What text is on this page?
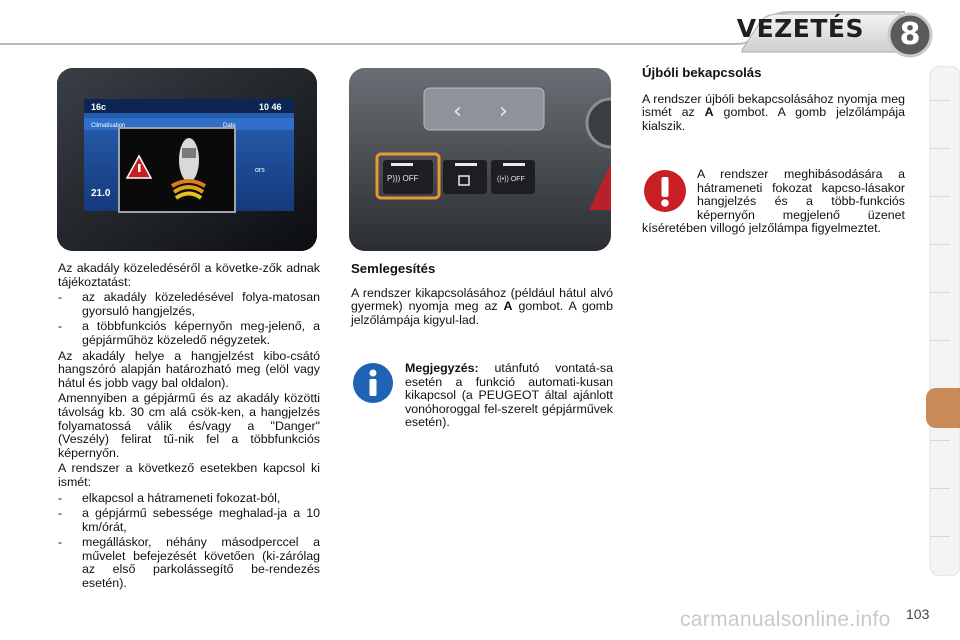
VEZETÉS	8
16c	10 46
Climatisation	Date
21.0
ors
‹ ›
P))) OFF	((•)) OFF

Az akadály közeledéséről a követke-zők adnak tájékoztatást:

-	az akadály közeledésével folya-matosan gyorsuló hangjelzés,
-	a többfunkciós képernyőn meg-jelenő, a gépjárműhöz közeledő négyzetek.

Az akadály helye a hangjelzést kibo-csátó hangszóró alapján határozható meg (elöl vagy hátul és jobb vagy bal oldalon).

Amennyiben a gépjármű és az akadály közötti távolság kb. 30 cm alá csök-ken, a hangjelzés folyamatossá válik és/vagy a "Danger" (Veszély) felirat tű-nik fel a többfunkciós képernyőn.

A rendszer a következő esetekben kapcsol ki ismét:

-	elkapcsol a hátrameneti fokozat-ból,
-	a gépjármű sebessége meghalad-ja a 10 km/órát,
-	megálláskor, néhány másodperccel a művelet befejezését követően (ki-zárólag az első parkolássegítő be-rendezés esetén).
Semlegesítés

A rendszer kikapcsolásához (például hátul alvó gyermek) nyomja meg az A gombot. A gomb jelzőlámpája kigyul-lad.

Megjegyzés: utánfutó vontatá-sa esetén a funkció automati-kusan kikapcsol (a PEUGEOT által ajánlott vonóhoroggal fel-szerelt gépjárművek esetén).
Újbóli bekapcsolás

A rendszer újbóli bekapcsolásához nyomja meg ismét az A gombot. A gomb jelzőlámpája kialszik.

A rendszer meghibásodására a hátrameneti fokozat kapcso-lásakor hangjelzés és a több-funkciós képernyőn megjelenő üzenet kíséretében villogó jelzőlámpa figyelmeztet.
carmanualsonline.info 103
